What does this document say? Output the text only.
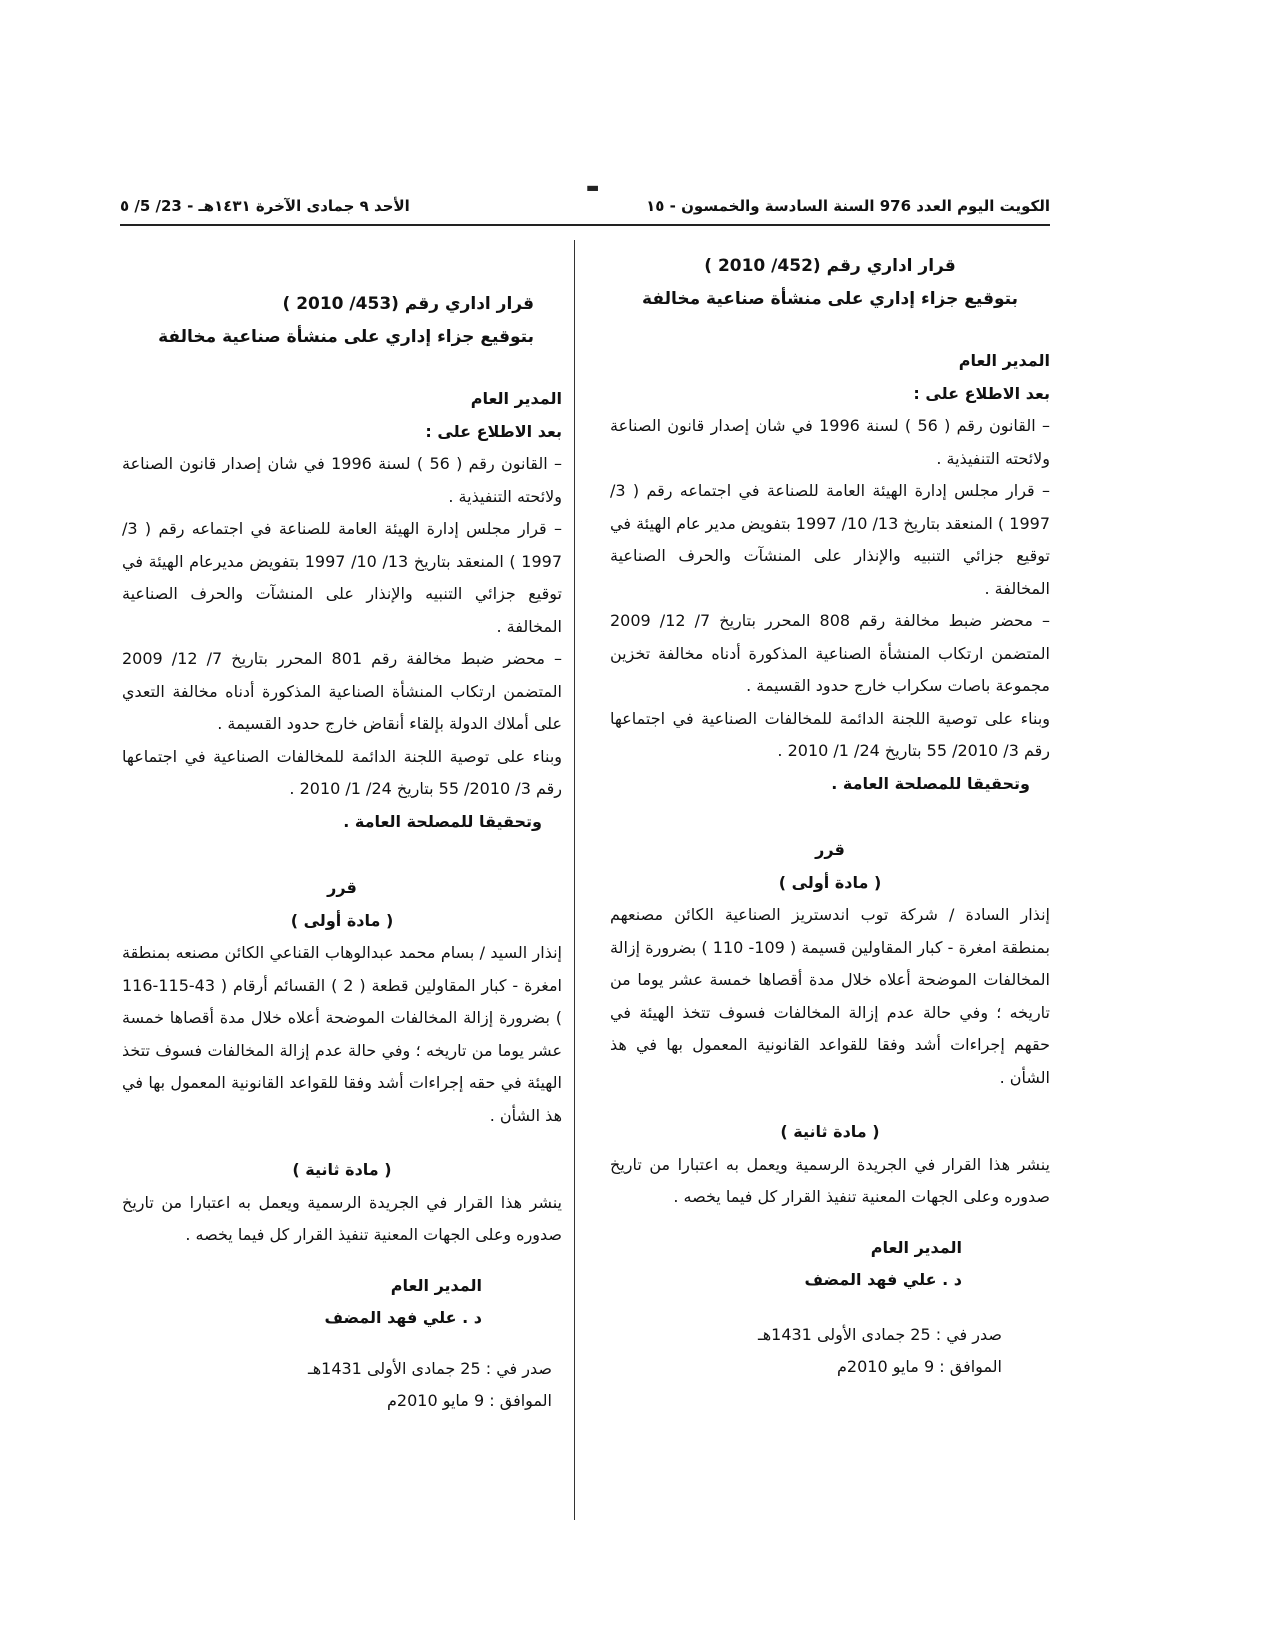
الأحد ٩ جمادى الآخرة ١٤٣١هـ - 23/ 5/ ٥	الكويت اليوم العدد 976 السنة السادسة والخمسون - ١٥
▬

قرار اداري رقم (452/ 2010 )

بتوقيع جزاء إداري على منشأة صناعية مخالفة

المدير العام

بعد الاطلاع على :

– القانون رقم ( 56 ) لسنة 1996 في شان إصدار قانون الصناعة ولائحته التنفيذية .

– قرار مجلس إدارة الهيئة العامة للصناعة في اجتماعه رقم ( 3/ 1997 ) المنعقد بتاريخ 13/ 10/ 1997 بتفويض مدير عام الهيئة في توقيع جزائي التنبيه والإنذار على المنشآت والحرف الصناعية المخالفة .

– محضر ضبط مخالفة رقم 808 المحرر بتاريخ 7/ 12/ 2009 المتضمن ارتكاب المنشأة الصناعية المذكورة أدناه مخالفة تخزين مجموعة باصات سكراب خارج حدود القسيمة .

وبناء على توصية اللجنة الدائمة للمخالفات الصناعية في اجتماعها رقم 3/ 2010/ 55 بتاريخ 24/ 1/ 2010 .

وتحقيقا للمصلحة العامة .

قرر

( مادة أولى )

إنذار السادة / شركة توب اندستريز الصناعية الكائن مصنعهم بمنطقة امغرة - كبار المقاولين قسيمة ( 109- 110 ) بضرورة إزالة المخالفات الموضحة أعلاه خلال مدة أقصاها خمسة عشر يوما من تاريخه ؛ وفي حالة عدم إزالة المخالفات فسوف تتخذ الهيئة في حقهم إجراءات أشد وفقا للقواعد القانونية المعمول بها في هذ الشأن .

( مادة ثانية )

ينشر هذا القرار في الجريدة الرسمية ويعمل به اعتبارا من تاريخ صدوره وعلى الجهات المعنية تنفيذ القرار كل فيما يخصه .

المدير العام

د . علي فهد المضف

صدر في : 25 جمادى الأولى 1431هـ

الموافق : 9 مايو 2010م

قرار اداري رقم (453/ 2010 )

بتوقيع جزاء إداري على منشأة صناعية مخالفة

المدير العام

بعد الاطلاع على :

– القانون رقم ( 56 ) لسنة 1996 في شان إصدار قانون الصناعة ولائحته التنفيذية .

– قرار مجلس إدارة الهيئة العامة للصناعة في اجتماعه رقم ( 3/ 1997 ) المنعقد بتاريخ 13/ 10/ 1997 بتفويض مديرعام الهيئة في توقيع جزائي التنبيه والإنذار على المنشآت والحرف الصناعية المخالفة .

– محضر ضبط مخالفة رقم 801 المحرر بتاريخ 7/ 12/ 2009 المتضمن ارتكاب المنشأة الصناعية المذكورة أدناه مخالفة التعدي على أملاك الدولة بإلقاء أنقاض خارج حدود القسيمة .

وبناء على توصية اللجنة الدائمة للمخالفات الصناعية في اجتماعها رقم 3/ 2010/ 55 بتاريخ 24/ 1/ 2010 .

وتحقيقا للمصلحة العامة .

قرر

( مادة أولى )

إنذار السيد / بسام محمد عبدالوهاب القناعي الكائن مصنعه بمنطقة امغرة - كبار المقاولين قطعة ( 2 ) القسائم أرقام ( 43-115-116 ) بضرورة إزالة المخالفات الموضحة أعلاه خلال مدة أقصاها خمسة عشر يوما من تاريخه ؛ وفي حالة عدم إزالة المخالفات فسوف تتخذ الهيئة في حقه إجراءات أشد وفقا للقواعد القانونية المعمول بها في هذ الشأن .

( مادة ثانية )

ينشر هذا القرار في الجريدة الرسمية ويعمل به اعتبارا من تاريخ صدوره وعلى الجهات المعنية تنفيذ القرار كل فيما يخصه .

المدير العام

د . علي فهد المضف

صدر في : 25 جمادى الأولى 1431هـ

الموافق : 9 مايو 2010م
